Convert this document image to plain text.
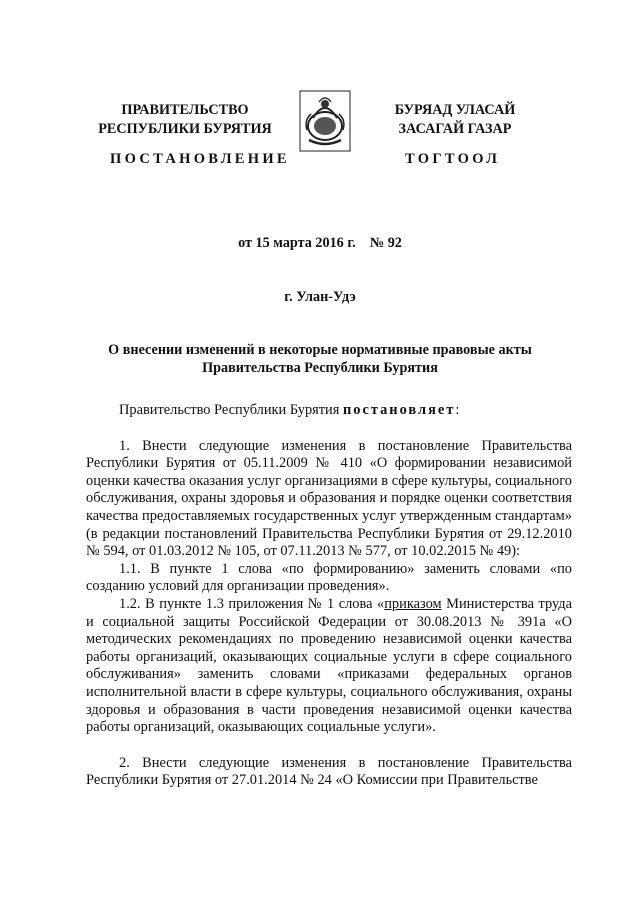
ПРАВИТЕЛЬСТВО
РЕСПУБЛИКИ БУРЯТИЯ
ПОСТАНОВЛЕНИЕ
БУРЯАД УЛАСАЙ
ЗАСАГАЙ ГАЗАР
ТОГТООЛ
от 15 марта 2016 г.    № 92
г. Улан-Удэ
О внесении изменений в некоторые нормативные правовые акты
Правительства Республики Бурятия

Правительство Республики Бурятия постановляет:

1. Внести следующие изменения в постановление Правительства Республики Бурятия от 05.11.2009 № 410 «О формировании независимой оценки качества оказания услуг организациями в сфере культуры, социального обслуживания, охраны здоровья и образования и порядке оценки соответствия качества предоставляемых государственных услуг утвержденным стандартам» (в редакции постановлений Правительства Республики Бурятия от 29.12.2010 № 594, от 01.03.2012 № 105, от 07.11.2013 № 577, от 10.02.2015 № 49):

1.1. В пункте 1 слова «по формированию» заменить словами «по созданию условий для организации проведения».

1.2. В пункте 1.3 приложения № 1 слова «приказом Министерства труда и социальной защиты Российской Федерации от 30.08.2013 № 391а «О методических рекомендациях по проведению независимой оценки качества работы организаций, оказывающих социальные услуги в сфере социального обслуживания» заменить словами «приказами федеральных органов исполнительной власти в сфере культуры, социального обслуживания, охраны здоровья и образования в части проведения независимой оценки качества работы организаций, оказывающих социальные услуги».

2. Внести следующие изменения в постановление Правительства Республики Бурятия от 27.01.2014 № 24 «О Комиссии при Правительстве
